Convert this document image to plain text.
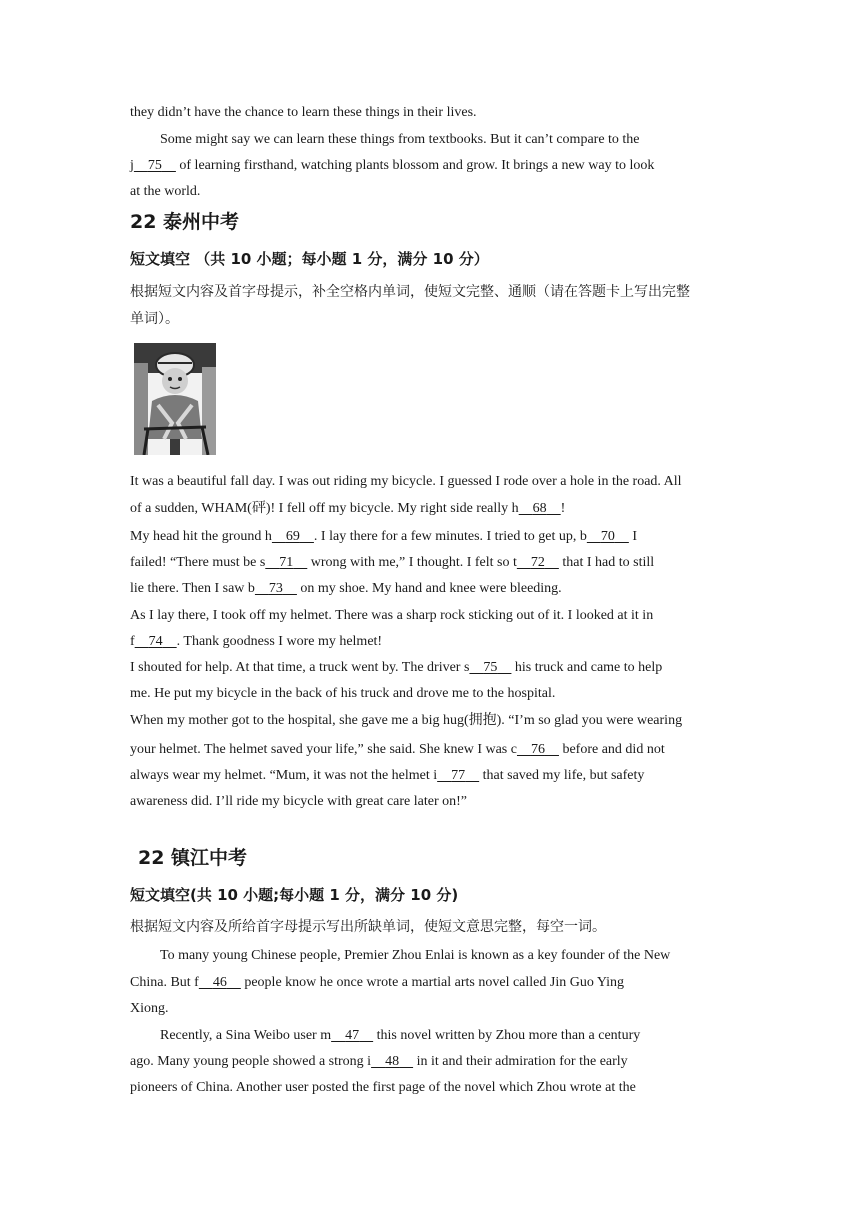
they didn’t have the chance to learn these things in their lives.
Some might say we can learn these things from textbooks. But it can’t compare to the
j 75 of learning firsthand, watching plants blossom and grow. It brings a new way to look
at the world.
22 泰州中考
短文填空 （共 10 小题；每小题 1 分，满分 10 分）
根据短文内容及首字母提示，补全空格内单词，使短文完整、通顺（请在答题卡上写出完整
单词）。
It was a beautiful fall day. I was out riding my bicycle. I guessed I rode over a hole in the road. All
of a sudden, WHAM(砰)! I fell off my bicycle. My right side really h 68 !
My head hit the ground h 69 . I lay there for a few minutes. I tried to get up, b 70 I
failed! “There must be s 71 wrong with me,” I thought. I felt so t 72 that I had to still
lie there. Then I saw b 73 on my shoe. My hand and knee were bleeding.
As I lay there, I took off my helmet. There was a sharp rock sticking out of it. I looked at it in
f 74 . Thank goodness I wore my helmet!
I shouted for help. At that time, a truck went by. The driver s 75 his truck and came to help
me. He put my bicycle in the back of his truck and drove me to the hospital.
When my mother got to the hospital, she gave me a big hug(拥抱). “I’m so glad you were wearing
your helmet. The helmet saved your life,” she said. She knew I was c 76 before and did not
always wear my helmet. “Mum, it was not the helmet i 77 that saved my life, but safety
awareness did. I’ll ride my bicycle with great care later on!”
22 镇江中考
短文填空(共 10 小题;每小题 1 分，满分 10 分)
根据短文内容及所给首字母提示写出所缺单词，使短文意思完整，每空一词。
To many young Chinese people, Premier Zhou Enlai is known as a key founder of the New
China. But f 46 people know he once wrote a martial arts novel called Jin Guo Ying
Xiong.
Recently, a Sina Weibo user m 47 this novel written by Zhou more than a century
ago. Many young people showed a strong i 48 in it and their admiration for the early
pioneers of China. Another user posted the first page of the novel which Zhou wrote at the
